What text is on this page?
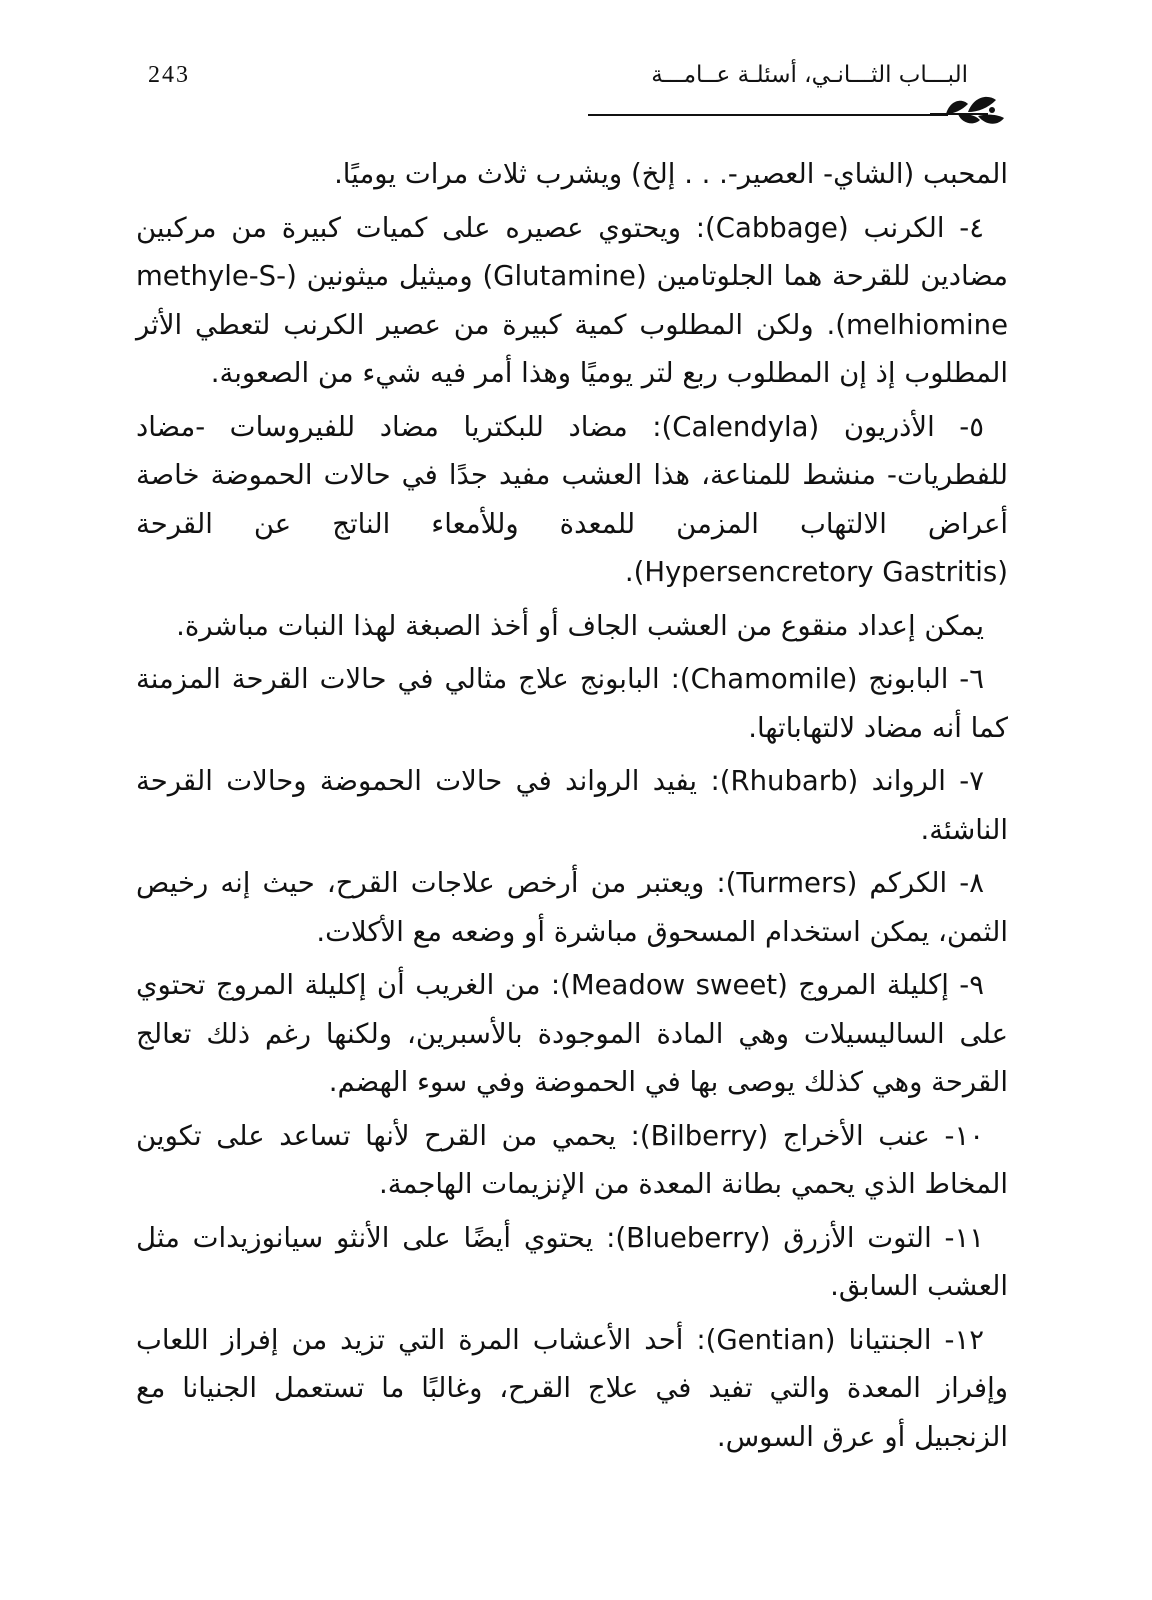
243	البـــاب الثـــانـي، أسئلـة عــامـــة

المحبب (الشاي- العصير-. . . إلخ) ويشرب ثلاث مرات يوميًا.

٤- الكرنب (Cabbage): ويحتوي عصيره على كميات كبيرة من مركبين مضادين للقرحة هما الجلوتامين (Glutamine) وميثيل ميثونين (methyle-S-melhiomine). ولكن المطلوب كمية كبيرة من عصير الكرنب لتعطي الأثر المطلوب إذ إن المطلوب ربع لتر يوميًا وهذا أمر فيه شيء من الصعوبة.

٥- الأذريون (Calendyla): مضاد للبكتريا مضاد للفيروسات -مضاد للفطريات- منشط للمناعة، هذا العشب مفيد جدًا في حالات الحموضة خاصة أعراض الالتهاب المزمن للمعدة وللأمعاء الناتج عن القرحة (Hypersencretory Gastritis).

يمكن إعداد منقوع من العشب الجاف أو أخذ الصبغة لهذا النبات مباشرة.

٦- البابونج (Chamomile): البابونج علاج مثالي في حالات القرحة المزمنة كما أنه مضاد لالتهاباتها.

٧- الرواند (Rhubarb): يفيد الرواند في حالات الحموضة وحالات القرحة الناشئة.

٨- الكركم (Turmers): ويعتبر من أرخص علاجات القرح، حيث إنه رخيص الثمن، يمكن استخدام المسحوق مباشرة أو وضعه مع الأكلات.

٩- إكليلة المروج (Meadow sweet): من الغريب أن إكليلة المروج تحتوي على الساليسيلات وهي المادة الموجودة بالأسبرين، ولكنها رغم ذلك تعالج القرحة وهي كذلك يوصى بها في الحموضة وفي سوء الهضم.

١٠- عنب الأخراج (Bilberry): يحمي من القرح لأنها تساعد على تكوين المخاط الذي يحمي بطانة المعدة من الإنزيمات الهاجمة.

١١- التوت الأزرق (Blueberry): يحتوي أيضًا على الأنثو سيانوزيدات مثل العشب السابق.

١٢- الجنتيانا (Gentian): أحد الأعشاب المرة التي تزيد من إفراز اللعاب وإفراز المعدة والتي تفيد في علاج القرح، وغالبًا ما تستعمل الجنيانا مع الزنجبيل أو عرق السوس.
